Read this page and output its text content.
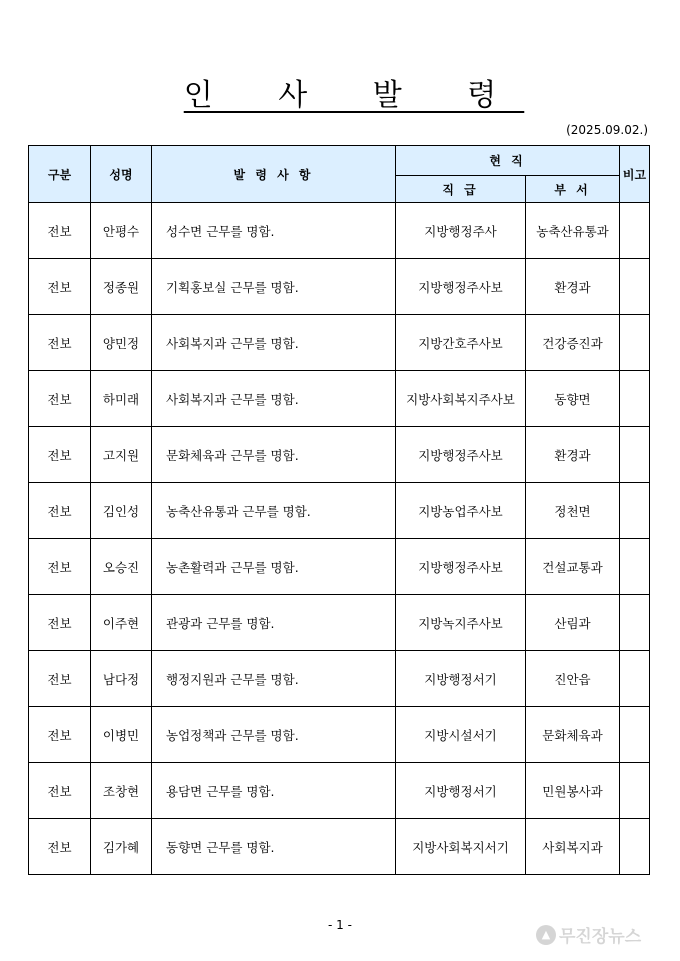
인 사 발 령
(2025.09.02.)
구분	성명	발 령 사 항	현 직		비고
			직 급	부 서	
전보	안평수	성수면 근무를 명함.	지방행정주사	농축산유통과	
전보	정종원	기획홍보실 근무를 명함.	지방행정주사보	환경과	
전보	양민정	사회복지과 근무를 명함.	지방간호주사보	건강증진과	
전보	하미래	사회복지과 근무를 명함.	지방사회복지주사보	동향면	
전보	고지원	문화체육과 근무를 명함.	지방행정주사보	환경과	
전보	김인성	농축산유통과 근무를 명함.	지방농업주사보	정천면	
전보	오승진	농촌활력과 근무를 명함.	지방행정주사보	건설교통과	
전보	이주현	관광과 근무를 명함.	지방녹지주사보	산림과	
전보	남다정	행정지원과 근무를 명함.	지방행정서기	진안읍	
전보	이병민	농업정책과 근무를 명함.	지방시설서기	문화체육과	
전보	조창현	용담면 근무를 명함.	지방행정서기	민원봉사과	
전보	김가혜	동향면 근무를 명함.	지방사회복지서기	사회복지과	
- 1 -
▲ 무진장뉴스
